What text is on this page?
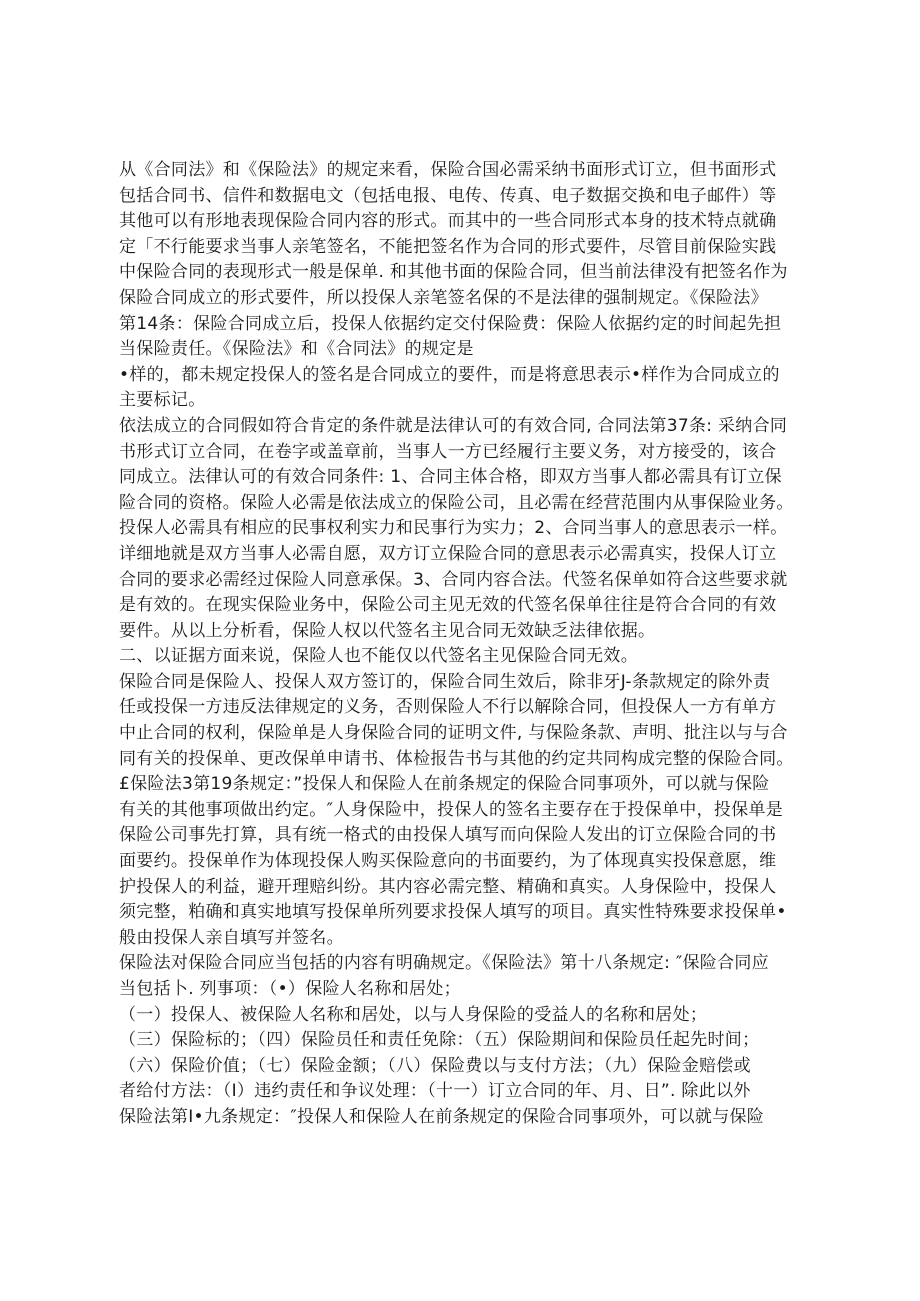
从《合同法》和《保险法》的规定来看，保险合国必需采纳书面形式订立，但书面形式
包括合同书、信件和数据电文（包括电报、电传、传真、电子数据交换和电子邮件）等
其他可以有形地表现保险合同内容的形式。而其中的一些合同形式本身的技术特点就确
定「不行能要求当事人亲笔签名，不能把签名作为合同的形式要件，尽管目前保险实践
中保险合同的表现形式一般是保单. 和其他书面的保险合同，但当前法律没有把签名作为
保险合同成立的形式要件，所以投保人亲笔签名保的不是法律的强制规定。《保险法》
第14条：保险合同成立后，投保人依据约定交付保险费：保险人依据约定的时间起先担
当保险责任。《保险法》和《合同法》的规定是
•样的，都未规定投保人的签名是合同成立的要件，而是将意思表示•样作为合同成立的
主要标记。
依法成立的合同假如符合肯定的条件就是法律认可的有效合同, 合同法第37条: 采纳合同
书形式订立合同，在卷字或盖章前，当事人一方已经履行主要义务，对方接受的，该合
同成立。法律认可的有效合同条件: 1、合同主体合格，即双方当事人都必需具有订立保
险合同的资格。保险人必需是依法成立的保险公司，且必需在经营范围内从事保险业务。
投保人必需具有相应的民事权利实力和民事行为实力；2、合同当事人的意思表示一样。
详细地就是双方当事人必需自愿，双方订立保险合同的意思表示必需真实，投保人订立
合同的要求必需经过保险人同意承保。3、合同内容合法。代签名保单如符合这些要求就
是有效的。在现实保险业务中，保险公司主见无效的代签名保单往往是符合合同的有效
要件。从以上分析看，保险人权以代签名主见合同无效缺乏法律依据。
二、以证据方面来说，保险人也不能仅以代签名主见保险合同无效。
保险合同是保险人、投保人双方签订的，保险合同生效后，除非牙J-条款规定的除外责
任或投保一方违反法律规定的义务，否则保险人不行以解除合同，但投保人一方有单方
中止合同的权利，保险单是人身保险合同的证明文件, 与保险条款、声明、批注以与与合
同有关的投保单、更改保单申请书、体检报告书与其他的约定共同构成完整的保险合同。
£保险法3第19条规定：”投保人和保险人在前条规定的保险合同事项外，可以就与保险
有关的其他事项做出约定。″人身保险中，投保人的签名主要存在于投保单中，投保单是
保险公司事先打算，具有统一格式的由投保人填写而向保险人发出的订立保险合同的书
面要约。投保单作为体现投保人购买保险意向的书面要约，为了体现真实投保意愿，维
护投保人的利益，避开理赔纠纷。其内容必需完整、精确和真实。人身保险中，投保人
须完整，粕确和真实地填写投保单所列要求投保人填写的项目。真实性特殊要求投保单•
般由投保人亲自填写并签名。
保险法对保险合同应当包括的内容有明确规定。《保险法》第十八条规定: ″保险合同应
当包括卜. 列事项：（•）保险人名称和居处；
（一）投保人、被保险人名称和居处，以与人身保险的受益人的名称和居处；
（三）保险标的；（四）保险员任和责任免除：（五）保险期间和保险员任起先时间；
（六）保险价值；（七）保险金额；（八）保险费以与支付方法；（九）保险金赔偿或
者给付方法：（I）违约责任和争议处理：（十一）订立合同的年、月、日”. 除此以外
保险法第I•九条规定：″投保人和保险人在前条规定的保险合同事项外，可以就与保险
